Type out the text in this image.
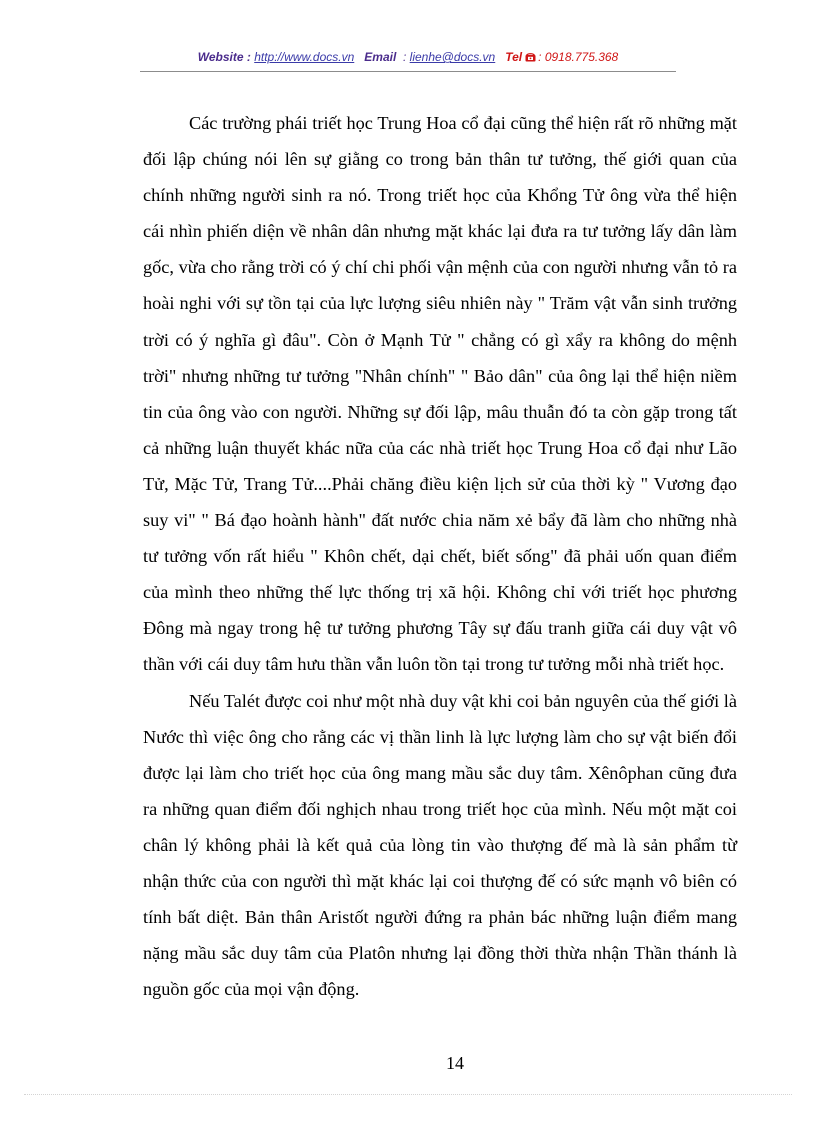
Website : http://www.docs.vn Email : lienhe@docs.vn Tel : 0918.775.368

Các trường phái triết học Trung Hoa cổ đại cũng thể hiện rất rõ những mặt đối lập chúng nói lên sự giằng co trong bản thân tư tưởng, thế giới quan của chính những người sinh ra nó. Trong triết học của Khổng Tử ông vừa thể hiện cái nhìn phiến diện về nhân dân nhưng mặt khác lại đưa ra tư tưởng lấy dân làm gốc, vừa cho rằng trời có ý chí chi phối vận mệnh của con người nhưng vẫn tỏ ra hoài nghi với sự tồn tại của lực lượng siêu nhiên này " Trăm vật vẫn sinh trưởng trời có ý nghĩa gì đâu". Còn ở Mạnh Tử " chẳng có gì xẩy ra không do mệnh trời" nhưng những tư tưởng "Nhân chính" " Bảo dân" của ông lại thể hiện niềm tin của ông vào con người. Những sự đối lập, mâu thuẫn đó ta còn gặp trong tất cả những luận thuyết khác nữa của các nhà triết học Trung Hoa cổ đại như Lão Tử, Mặc Tử, Trang Tử....Phải chăng điều kiện lịch sử của thời kỳ " Vương đạo suy vi" " Bá đạo hoành hành" đất nước chia năm xẻ bẩy đã làm cho những nhà tư tưởng vốn rất hiểu " Khôn chết, dại chết, biết sống" đã phải uốn quan điểm của mình theo những thế lực thống trị xã hội. Không chỉ với triết học phương Đông mà ngay trong hệ tư tưởng phương Tây sự đấu tranh giữa cái duy vật vô thần với cái duy tâm hưu thần vẫn luôn tồn tại trong tư tưởng mỗi nhà triết học.

Nếu Talét được coi như một nhà duy vật khi coi bản nguyên của thế giới là Nước thì việc ông cho rằng các vị thần linh là lực lượng làm cho sự vật biến đổi được lại làm cho triết học của ông mang mầu sắc duy tâm. Xênôphan cũng đưa ra những quan điểm đối nghịch nhau trong triết học của mình. Nếu một mặt coi chân lý không phải là kết quả của lòng tin vào thượng đế mà là sản phẩm từ nhận thức của con người thì mặt khác lại coi thượng đế có sức mạnh vô biên có tính bất diệt. Bản thân Aristốt người đứng ra phản bác những luận điểm mang nặng mầu sắc duy tâm của Platôn nhưng lại đồng thời thừa nhận Thần thánh là nguồn gốc của mọi vận động.

14
